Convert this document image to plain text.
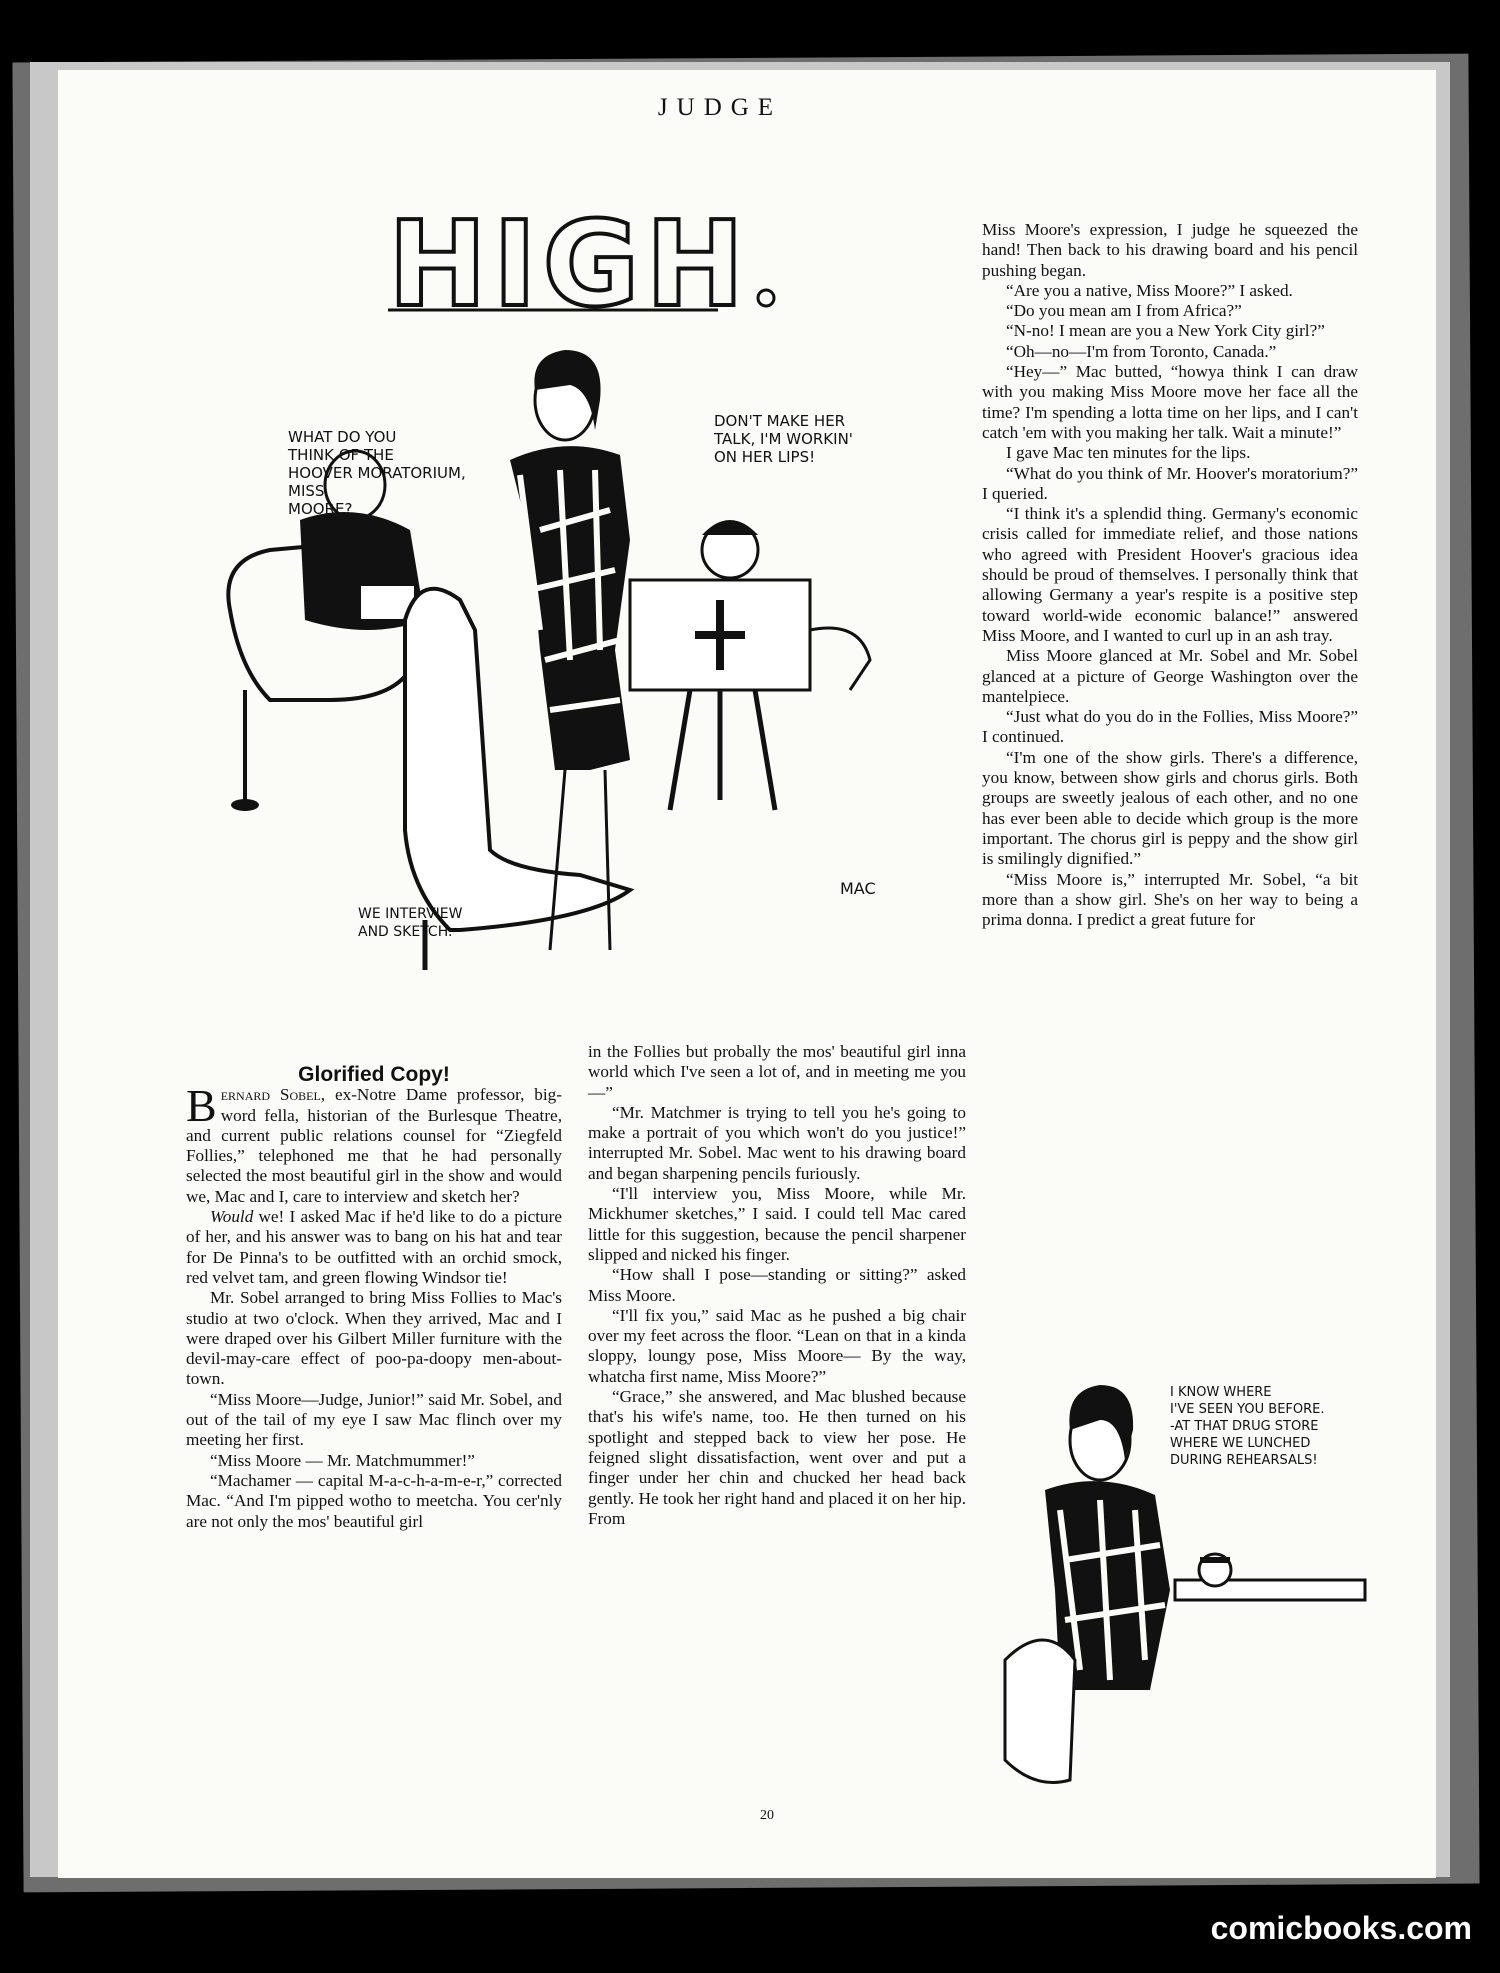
JUDGE
HIGH
WHAT DO YOU
THINK OF THE
HOOVER MORATORIUM,
MISS
MOORE?
DON'T MAKE HER
TALK, I'M WORKIN'
ON HER LIPS!
WE INTERVIEW
AND SKETCH.
MAC
I KNOW WHERE
I'VE SEEN YOU BEFORE.
-AT THAT DRUG STORE
WHERE WE LUNCHED
DURING REHEARSALS!

Glorified Copy!

Bernard Sobel, ex-Notre Dame professor, big-word fella, historian of the Burlesque Theatre, and current public relations counsel for “Ziegfeld Follies,” telephoned me that he had personally selected the most beautiful girl in the show and would we, Mac and I, care to interview and sketch her?

Would we! I asked Mac if he'd like to do a picture of her, and his answer was to bang on his hat and tear for De Pinna's to be outfitted with an orchid smock, red velvet tam, and green flowing Windsor tie!

Mr. Sobel arranged to bring Miss Follies to Mac's studio at two o'clock. When they arrived, Mac and I were draped over his Gilbert Miller furniture with the devil-may-care effect of poo-pa-doopy men-about-town.

“Miss Moore—Judge, Junior!” said Mr. Sobel, and out of the tail of my eye I saw Mac flinch over my meeting her first.

“Miss Moore — Mr. Matchmummer!”

“Machamer — capital M-a-c-h-a-m-e-r,” corrected Mac. “And I'm pipped wotho to meetcha. You cer'nly are not only the mos' beautiful girl

in the Follies but probally the mos' beautiful girl inna world which I've seen a lot of, and in meeting me you—”

“Mr. Matchmer is trying to tell you he's going to make a portrait of you which won't do you justice!” interrupted Mr. Sobel. Mac went to his drawing board and began sharpening pencils furiously.

“I'll interview you, Miss Moore, while Mr. Mickhumer sketches,” I said. I could tell Mac cared little for this suggestion, because the pencil sharpener slipped and nicked his finger.

“How shall I pose—standing or sitting?” asked Miss Moore.

“I'll fix you,” said Mac as he pushed a big chair over my feet across the floor. “Lean on that in a kinda sloppy, loungy pose, Miss Moore— By the way, whatcha first name, Miss Moore?”

“Grace,” she answered, and Mac blushed because that's his wife's name, too. He then turned on his spotlight and stepped back to view her pose. He feigned slight dissatisfaction, went over and put a finger under her chin and chucked her head back gently. He took her right hand and placed it on her hip. From

Miss Moore's expression, I judge he squeezed the hand! Then back to his drawing board and his pencil pushing began.

“Are you a native, Miss Moore?” I asked.

“Do you mean am I from Africa?”

“N-no! I mean are you a New York City girl?”

“Oh—no—I'm from Toronto, Canada.”

“Hey—” Mac butted, “howya think I can draw with you making Miss Moore move her face all the time? I'm spending a lotta time on her lips, and I can't catch 'em with you making her talk. Wait a minute!”

I gave Mac ten minutes for the lips.

“What do you think of Mr. Hoover's moratorium?” I queried.

“I think it's a splendid thing. Germany's economic crisis called for immediate relief, and those nations who agreed with President Hoover's gracious idea should be proud of themselves. I personally think that allowing Germany a year's respite is a positive step toward world-wide economic balance!” answered Miss Moore, and I wanted to curl up in an ash tray.

Miss Moore glanced at Mr. Sobel and Mr. Sobel glanced at a picture of George Washington over the mantelpiece.

“Just what do you do in the Follies, Miss Moore?” I continued.

“I'm one of the show girls. There's a difference, you know, between show girls and chorus girls. Both groups are sweetly jealous of each other, and no one has ever been able to decide which group is the more important. The chorus girl is peppy and the show girl is smilingly dignified.”

“Miss Moore is,” interrupted Mr. Sobel, “a bit more than a show girl. She's on her way to being a prima donna. I predict a great future for

20
comicbooks.com
